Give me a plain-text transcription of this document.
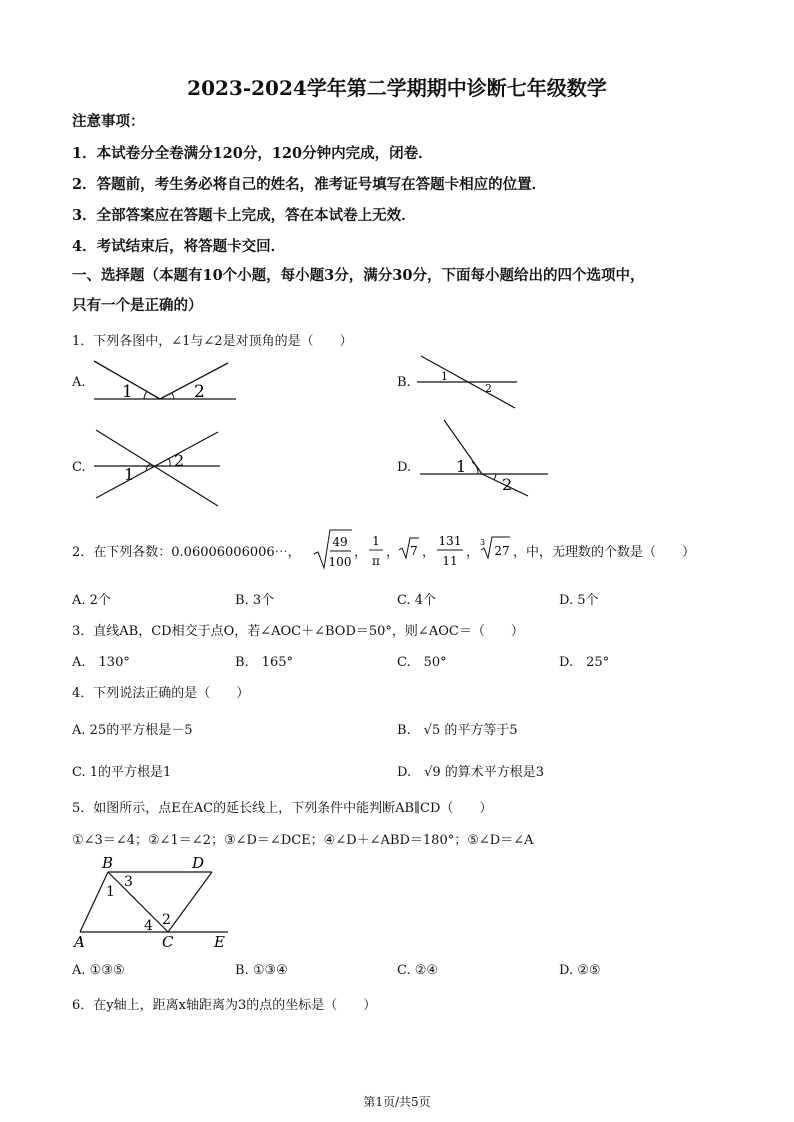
2023-2024学年第二学期期中诊断七年级数学
注意事项：
1．本试卷分全卷满分120分，120分钟内完成，闭卷．
2．答题前，考生务必将自己的姓名，准考证号填写在答题卡相应的位置．
3．全部答案应在答题卡上完成，答在本试卷上无效．
4．考试结束后，将答题卡交回．
一、选择题（本题有10个小题，每小题3分，满分30分，下面每小题给出的四个选项中，
只有一个是正确的）
1．下列各图中，∠1与∠2是对顶角的是（　　）
A. 1	2	B.	1
2
C. 1
2	D.	1
2
2．在下列各数：0.06006006006⋯，
49
100
，
1
π
， 7 ，
131
11
，
3
27 ，中，无理数的个数是（　　）
A. 2个	B. 3个	C. 4个	D. 5个
3．直线AB，CD相交于点O，若∠AOC＋∠BOD＝50°，则∠AOC＝（　　）
A.　130°	B.　165°	C.　50°	D.　25°
4．下列说法正确的是（　　）
A. 25的平方根是－5	B.　√5 的平方等于5
C. 1的平方根是1	D.　√9 的算术平方根是3
5．如图所示，点E在AC的延长线上，下列条件中能判断AB∥CD（　　）
①∠3＝∠4；②∠1＝∠2；③∠D＝∠DCE；④∠D＋∠ABD＝180°；⑤∠D＝∠A
B	D
A	C	E
1
2
3
4
A. ①③⑤	B. ①③④	C. ②④	D. ②⑤
6．在y轴上，距离x轴距离为3的点的坐标是（　　）
第1页/共5页
